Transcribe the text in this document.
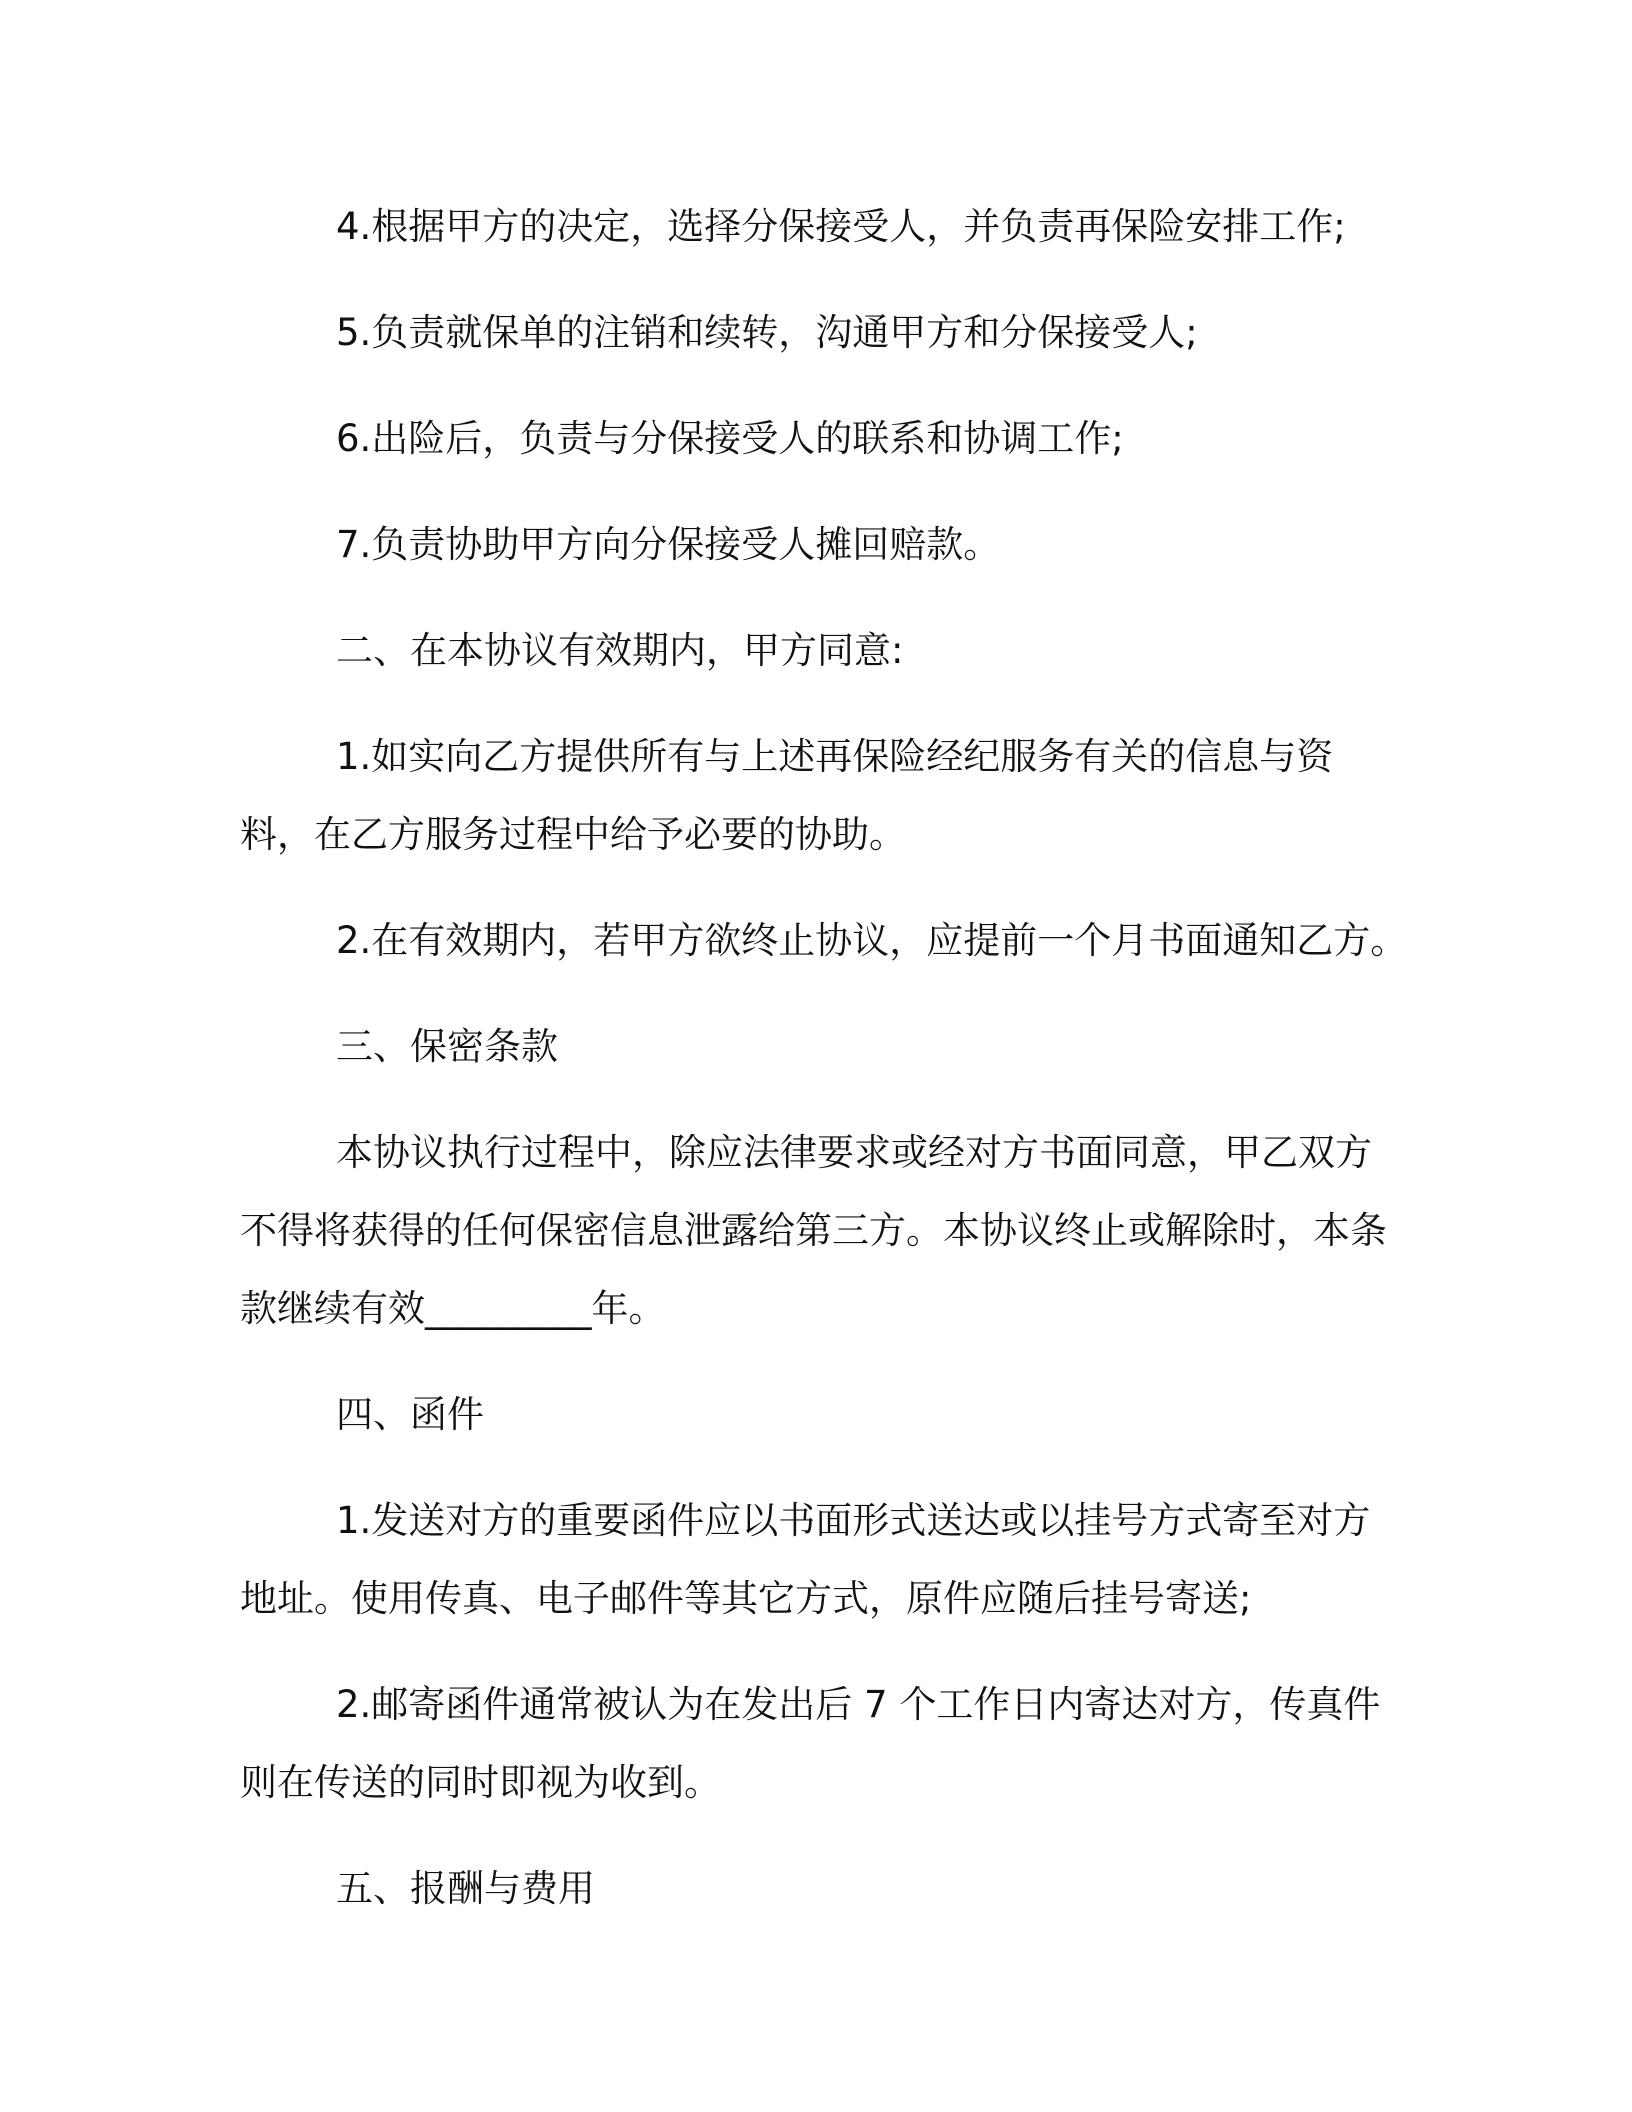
4.根据甲方的决定，选择分保接受人，并负责再保险安排工作;

5.负责就保单的注销和续转，沟通甲方和分保接受人;

6.出险后，负责与分保接受人的联系和协调工作;

7.负责协助甲方向分保接受人摊回赔款。

二、在本协议有效期内，甲方同意:

1.如实向乙方提供所有与上述再保险经纪服务有关的信息与资料，在乙方服务过程中给予必要的协助。

2.在有效期内，若甲方欲终止协议，应提前一个月书面通知乙方。

三、保密条款

本协议执行过程中，除应法律要求或经对方书面同意，甲乙双方不得将获得的任何保密信息泄露给第三方。本协议终止或解除时，本条款继续有效_________年。

四、函件

1.发送对方的重要函件应以书面形式送达或以挂号方式寄至对方地址。使用传真、电子邮件等其它方式，原件应随后挂号寄送;

2.邮寄函件通常被认为在发出后 7 个工作日内寄达对方，传真件则在传送的同时即视为收到。

五、报酬与费用
